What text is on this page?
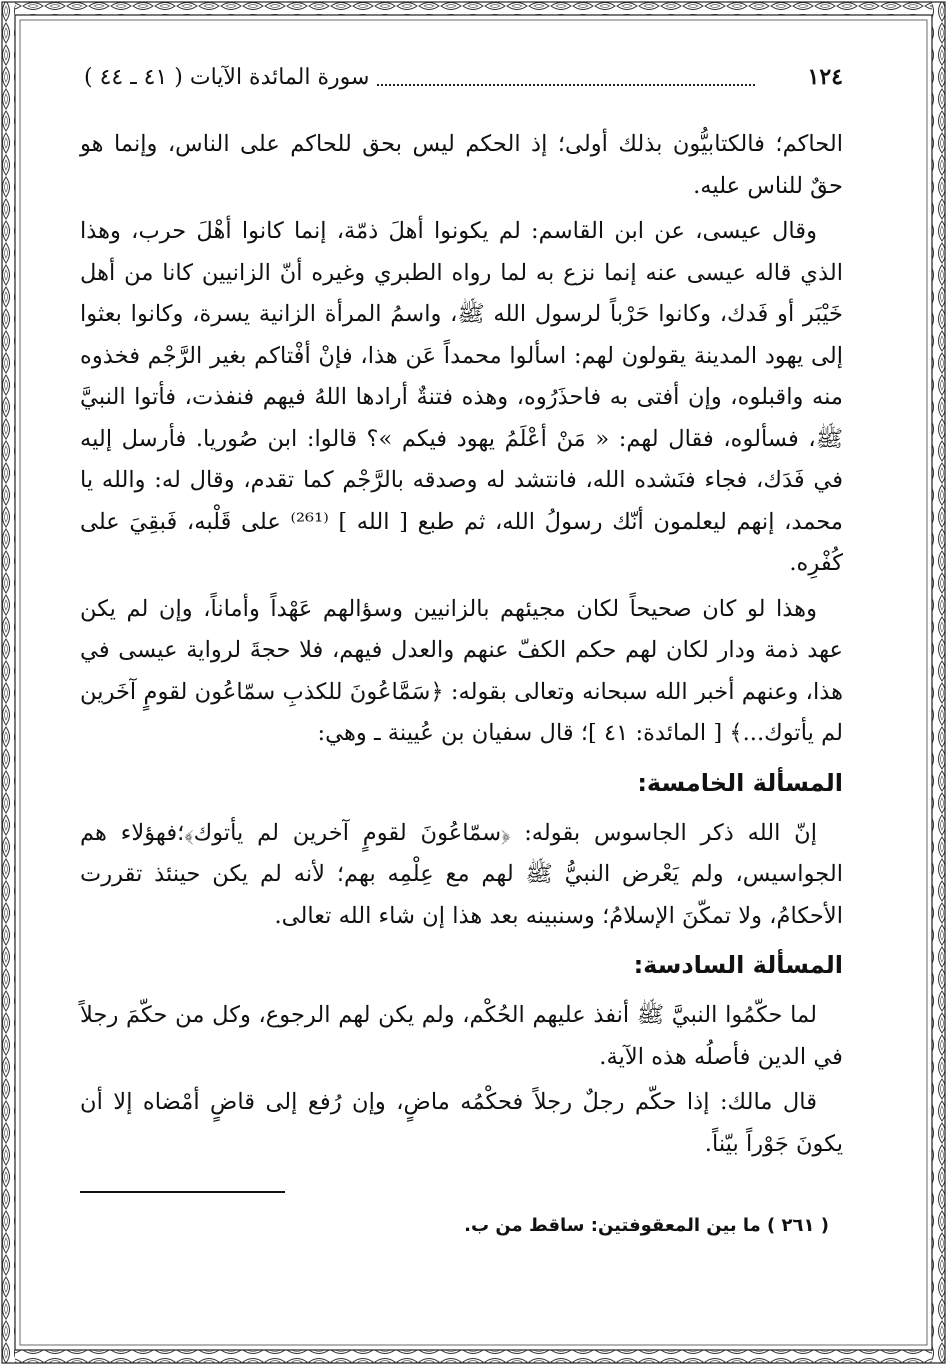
١٢٤
سورة المائدة الآيات ( ٤١ ـ ٤٤ )

الحاكم؛ فالكتابيُّون بذلك أولى؛ إذ الحكم ليس بحق للحاكم على الناس، وإنما هو حقٌ للناس عليه.

وقال عيسى، عن ابن القاسم: لم يكونوا أهلَ ذمّة، إنما كانوا أهْلَ حرب، وهذا الذي قاله عيسى عنه إنما نزع به لما رواه الطبري وغيره أنّ الزانيين كانا من أهل خَيْبَر أو فَدك، وكانوا حَرْباً لرسول الله ﷺ، واسمُ المرأة الزانية يسرة، وكانوا بعثوا إلى يهود المدينة يقولون لهم: اسألوا محمداً عَن هذا، فإنْ أفْتاكم بغير الرَّجْم فخذوه منه واقبلوه، وإن أفتى به فاحذَرُوه، وهذه فتنةٌ أرادها اللهُ فيهم فنفذت، فأتوا النبيَّ ﷺ، فسألوه، فقال لهم: « مَنْ أعْلَمُ يهود فيكم »؟ قالوا: ابن صُوريا. فأرسل إليه في فَدَك، فجاء فنَشده الله، فانتشد له وصدقه بالرَّجْم كما تقدم، وقال له: والله يا محمد، إنهم ليعلمون أنّك رسولُ الله، ثم طبع [ الله ] ⁽²⁶¹⁾ على قَلْبه، فَبقِيَ على كُفْرِه.

وهذا لو كان صحيحاً لكان مجيئهم بالزانيين وسؤالهم عَهْداً وأماناً، وإن لم يكن عهد ذمة ودار لكان لهم حكم الكفّ عنهم والعدل فيهم، فلا حجةَ لرواية عيسى في هذا، وعنهم أخبر الله سبحانه وتعالى بقوله: ﴿سَمَّاعُونَ للكذبِ سمّاعُون لقومٍ آخَرين لم يأتوك...﴾ [ المائدة: ٤١ ]؛ قال سفيان بن عُيينة ـ وهي:

المسألة الخامسة:

إنّ الله ذكر الجاسوس بقوله: ﴿سمّاعُونَ لقومٍ آخرين لم يأتوك﴾؛فهؤلاء هم الجواسيس، ولم يَعْرض النبيُّ ﷺ لهم مع عِلْمِه بهم؛ لأنه لم يكن حينئذ تقررت الأحكامُ، ولا تمكّنَ الإسلامُ؛ وسنبينه بعد هذا إن شاء الله تعالى.

المسألة السادسة:

لما حكّمُوا النبيَّ ﷺ أنفذ عليهم الحُكْم، ولم يكن لهم الرجوع، وكل من حكّمَ رجلاً في الدين فأصلُه هذه الآية.

قال مالك: إذا حكّم رجلٌ رجلاً فحكْمُه ماضٍ، وإن رُفع إلى قاضٍ أمْضاه إلا أن يكونَ جَوْراً بيّناً.

( ٢٦١ ) ما بين المعقوفتين: ساقط من ب.
